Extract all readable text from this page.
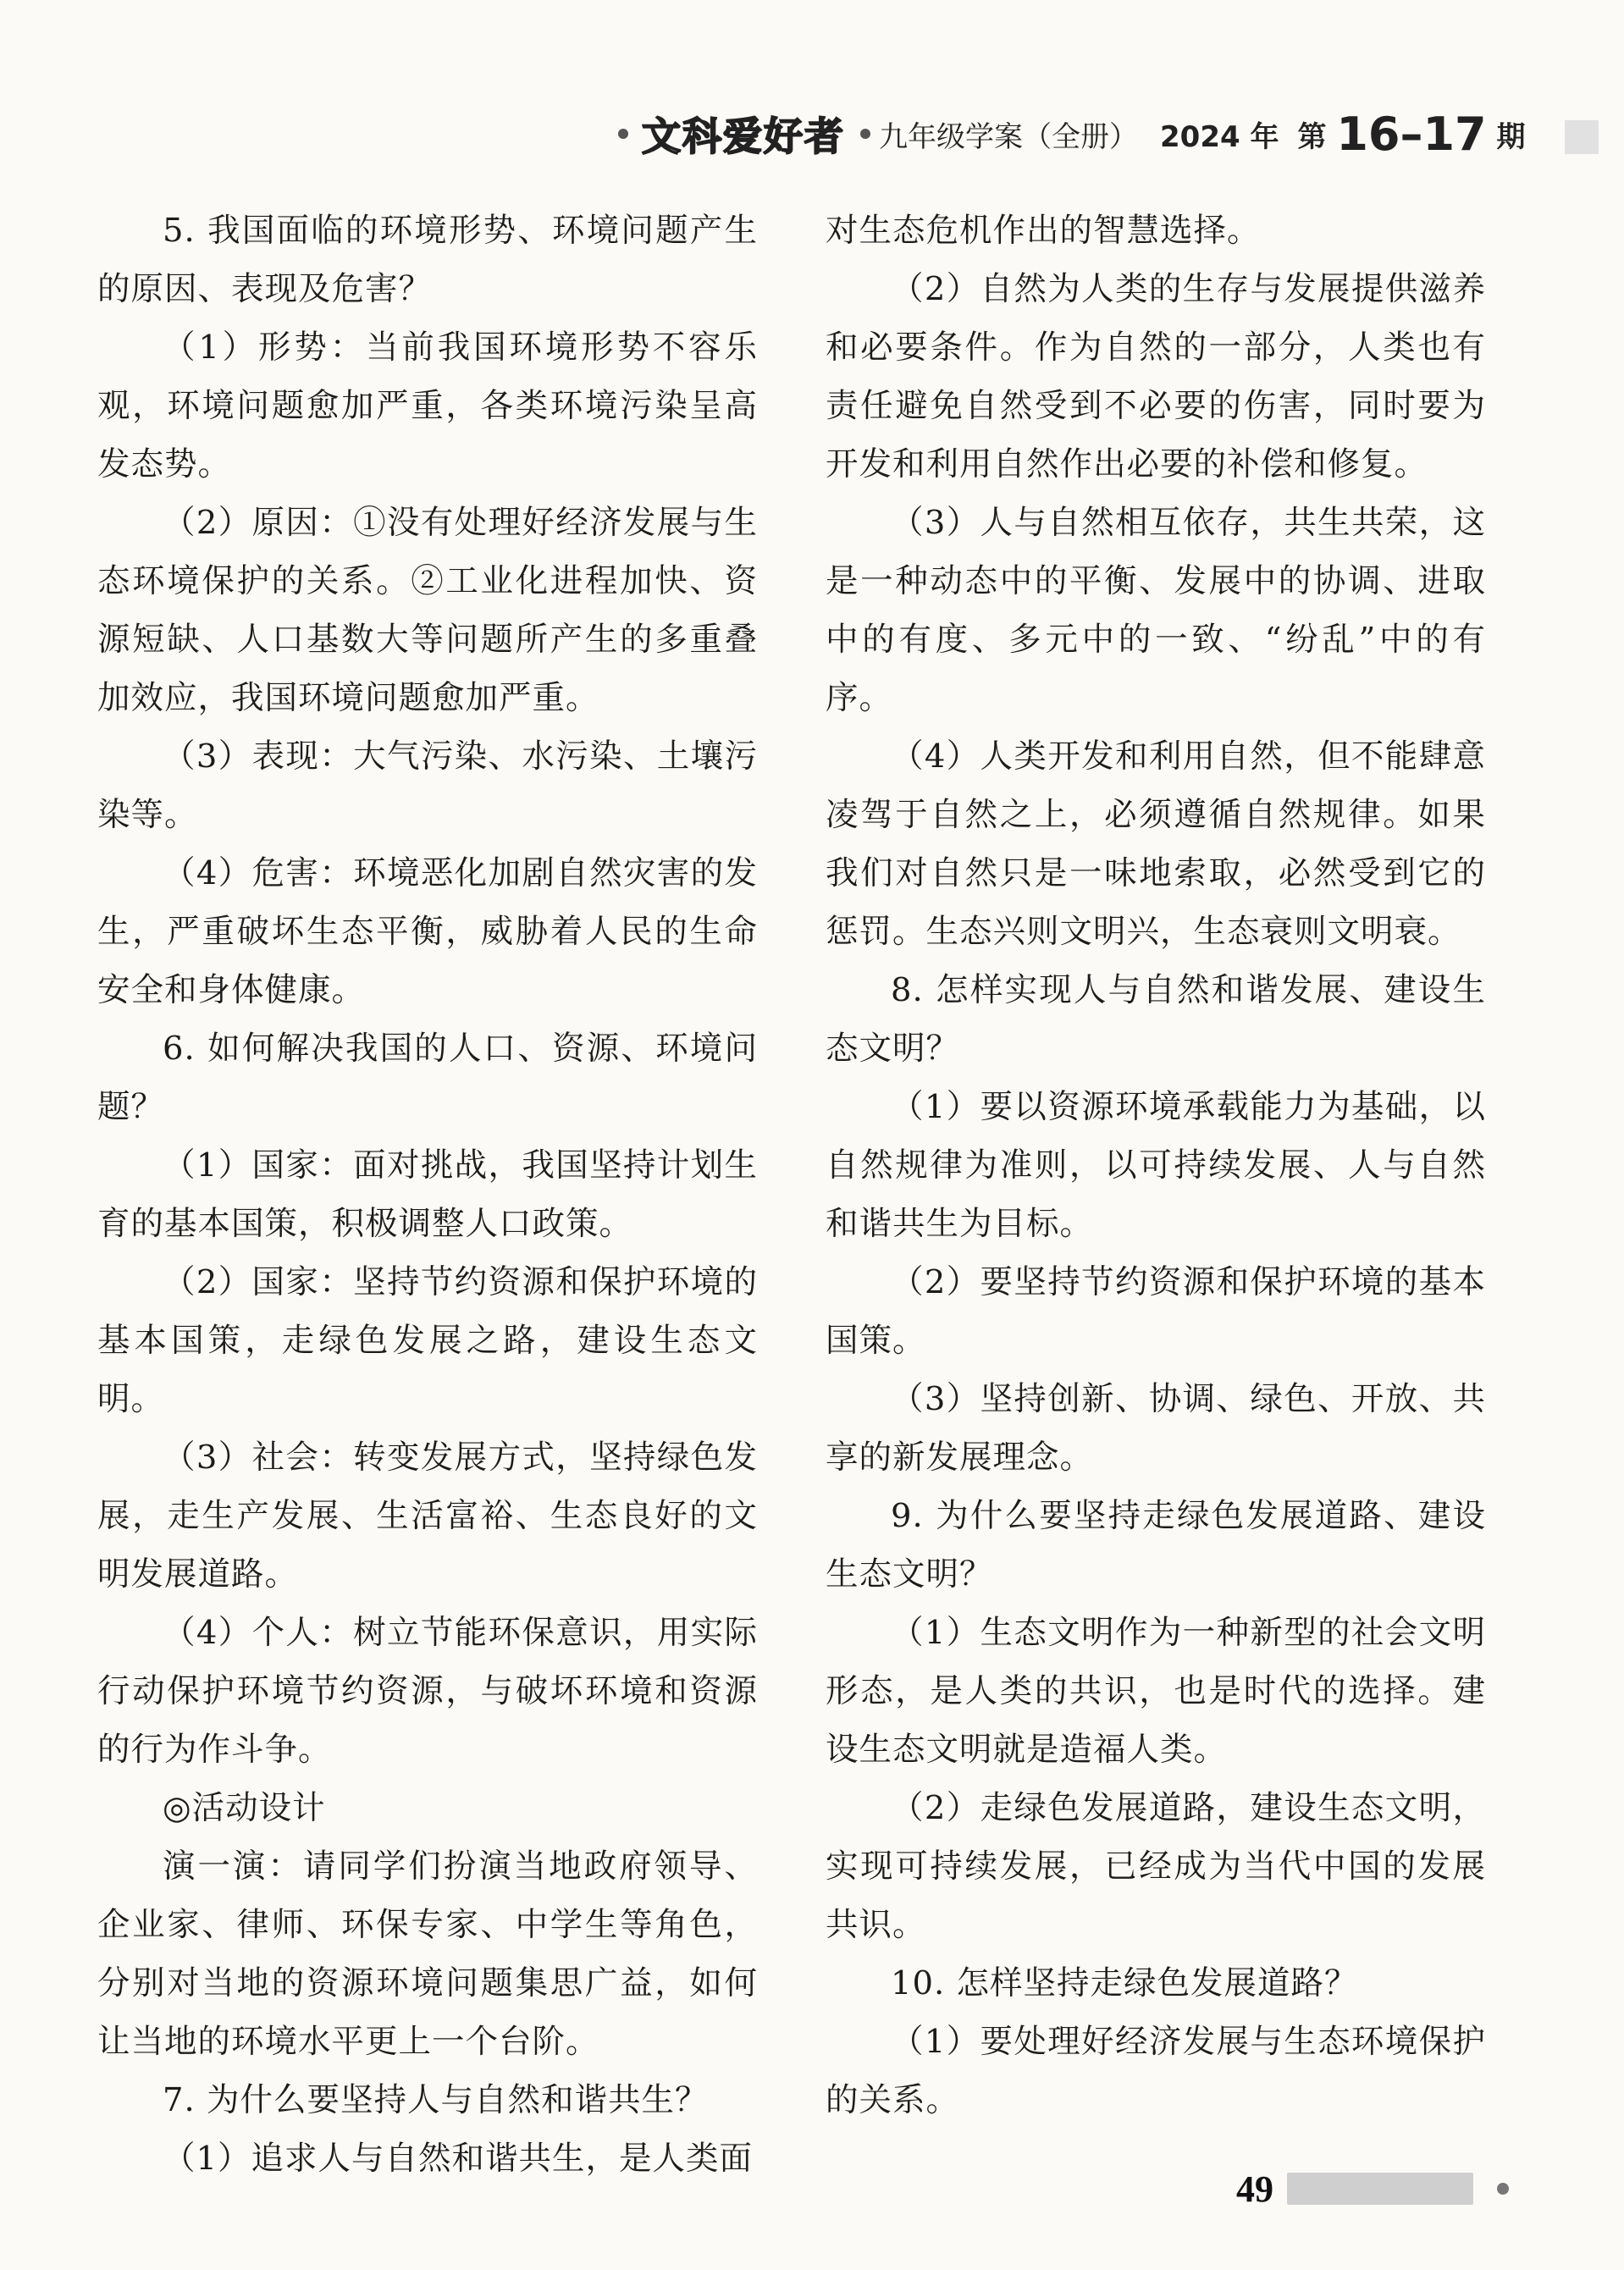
文科爱好者 九年级学案（全册） 2024 年 第 16–17 期

5. 我国面临的环境形势、环境问题产生的原因、表现及危害？

（1）形势：当前我国环境形势不容乐观，环境问题愈加严重，各类环境污染呈高发态势。

（2）原因：①没有处理好经济发展与生态环境保护的关系。②工业化进程加快、资源短缺、人口基数大等问题所产生的多重叠加效应，我国环境问题愈加严重。

（3）表现：大气污染、水污染、土壤污染等。

（4）危害：环境恶化加剧自然灾害的发生，严重破坏生态平衡，威胁着人民的生命安全和身体健康。

6. 如何解决我国的人口、资源、环境问题？

（1）国家：面对挑战，我国坚持计划生育的基本国策，积极调整人口政策。

（2）国家：坚持节约资源和保护环境的基本国策，走绿色发展之路，建设生态文明。

（3）社会：转变发展方式，坚持绿色发展，走生产发展、生活富裕、生态良好的文明发展道路。

（4）个人：树立节能环保意识，用实际行动保护环境节约资源，与破坏环境和资源的行为作斗争。

◎活动设计

演一演：请同学们扮演当地政府领导、企业家、律师、环保专家、中学生等角色，分别对当地的资源环境问题集思广益，如何让当地的环境水平更上一个台阶。

7. 为什么要坚持人与自然和谐共生？

（1）追求人与自然和谐共生，是人类面

对生态危机作出的智慧选择。

（2）自然为人类的生存与发展提供滋养和必要条件。作为自然的一部分，人类也有责任避免自然受到不必要的伤害，同时要为开发和利用自然作出必要的补偿和修复。

（3）人与自然相互依存，共生共荣，这是一种动态中的平衡、发展中的协调、进取中的有度、多元中的一致、“纷乱”中的有序。

（4）人类开发和利用自然，但不能肆意凌驾于自然之上，必须遵循自然规律。如果我们对自然只是一味地索取，必然受到它的惩罚。生态兴则文明兴，生态衰则文明衰。

8. 怎样实现人与自然和谐发展、建设生态文明？

（1）要以资源环境承载能力为基础，以自然规律为准则，以可持续发展、人与自然和谐共生为目标。

（2）要坚持节约资源和保护环境的基本国策。

（3）坚持创新、协调、绿色、开放、共享的新发展理念。

9. 为什么要坚持走绿色发展道路、建设生态文明？

（1）生态文明作为一种新型的社会文明形态，是人类的共识，也是时代的选择。建设生态文明就是造福人类。

（2）走绿色发展道路，建设生态文明，实现可持续发展，已经成为当代中国的发展共识。

10. 怎样坚持走绿色发展道路？

（1）要处理好经济发展与生态环境保护的关系。

49
